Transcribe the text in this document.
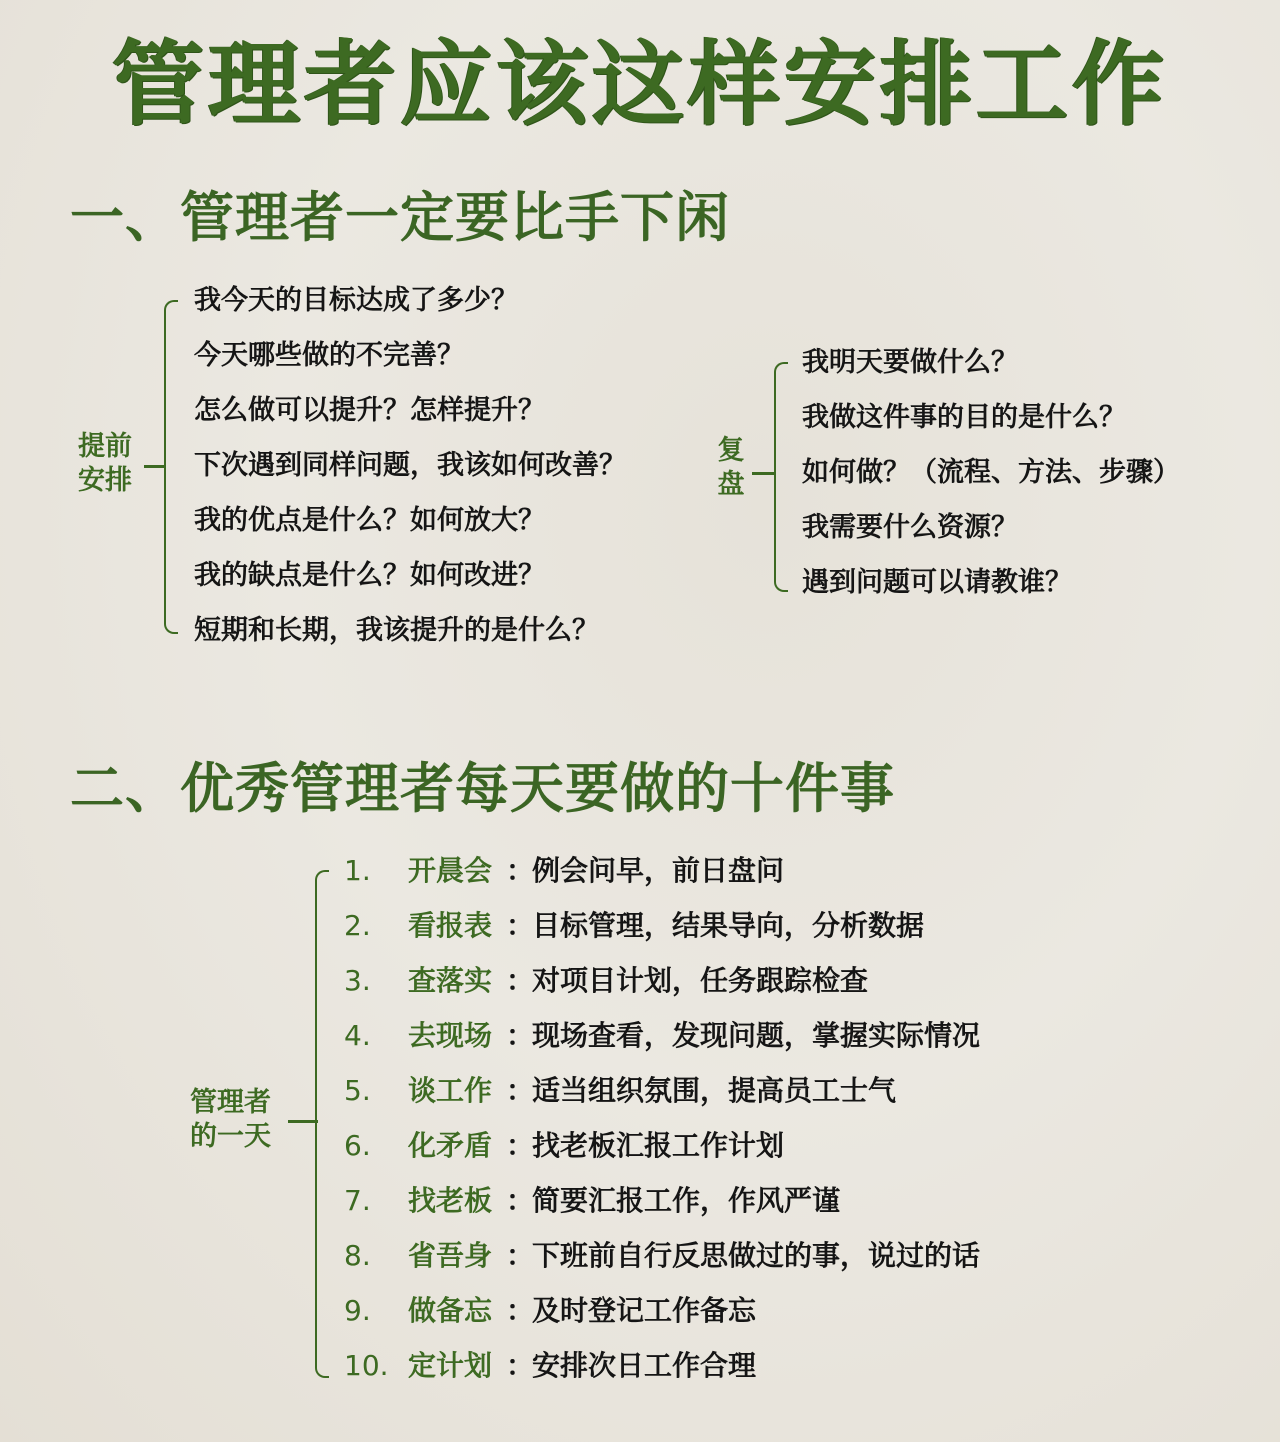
管理者应该这样安排工作
一、管理者一定要比手下闲
提前安排
我今天的目标达成了多少？
今天哪些做的不完善？
怎么做可以提升？怎样提升？
下次遇到同样问题，我该如何改善？
我的优点是什么？如何放大？
我的缺点是什么？如何改进？
短期和长期，我该提升的是什么？
复盘
我明天要做什么？
我做这件事的目的是什么？
如何做？（流程、方法、步骤）
我需要什么资源？
遇到问题可以请教谁？
二、优秀管理者每天要做的十件事
管理者的一天
1. 开晨会 ：
例会问早，前日盘问
2. 看报表 ：
目标管理，结果导向，分析数据
3. 查落实 ：
对项目计划，任务跟踪检查
4. 去现场 ：
现场查看，发现问题，掌握实际情况
5. 谈工作 ：
适当组织氛围，提高员工士气
6. 化矛盾 ：
找老板汇报工作计划
7. 找老板 ：
简要汇报工作，作风严谨
8. 省吾身 ：
下班前自行反思做过的事，说过的话
9. 做备忘 ：
及时登记工作备忘
10. 定计划 ：
安排次日工作合理
